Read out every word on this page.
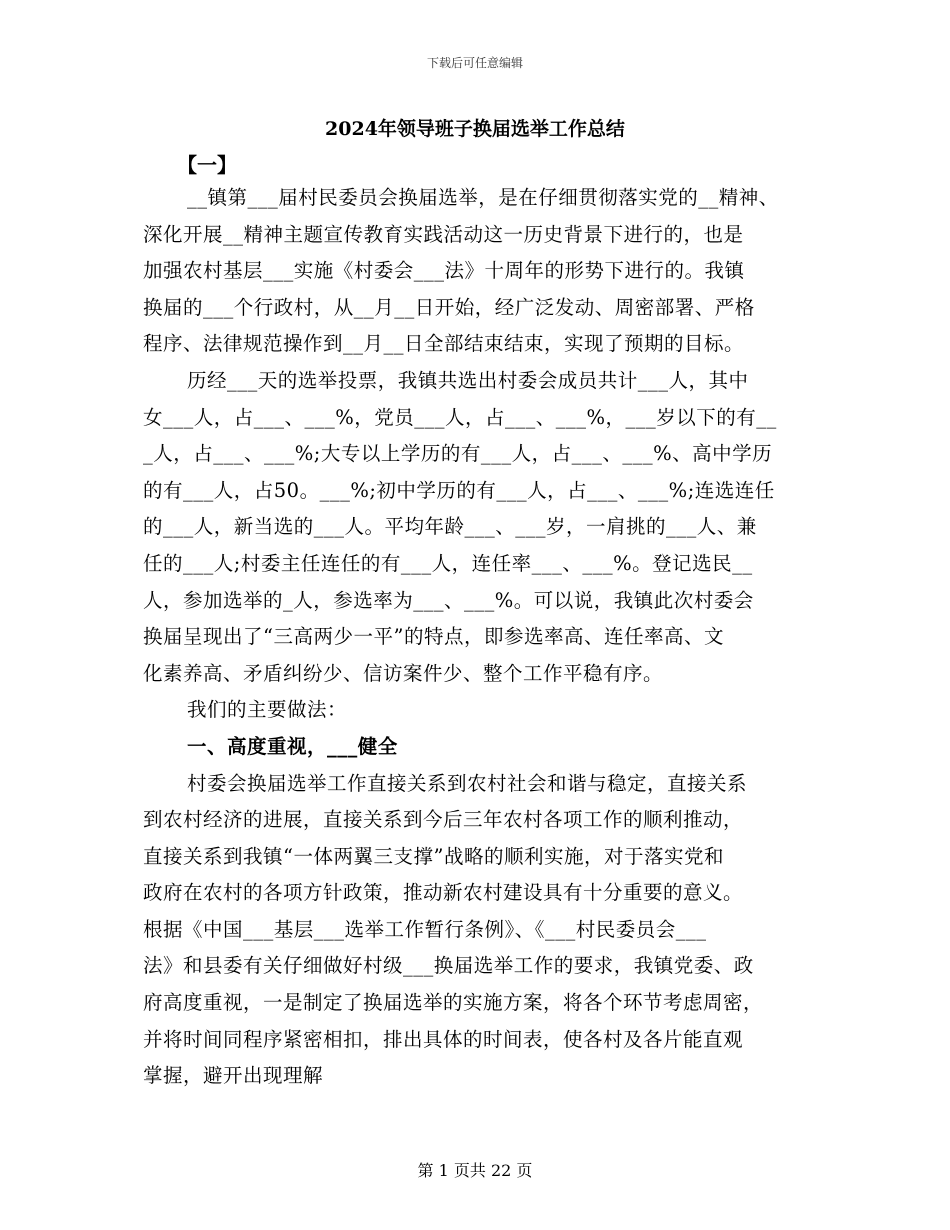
下载后可任意编辑
2024年领导班子换届选举工作总结
【一】
__镇第___届村民委员会换届选举，是在仔细贯彻落实党的__精神、
深化开展__精神主题宣传教育实践活动这一历史背景下进行的，也是
加强农村基层___实施《村委会___法》十周年的形势下进行的。我镇
换届的___个行政村，从__月__日开始，经广泛发动、周密部署、严格
程序、法律规范操作到__月__日全部结束结束，实现了预期的目标。
历经___天的选举投票，我镇共选出村委会成员共计___人，其中
女___人，占___、___%，党员___人，占___、___%，___岁以下的有__
_人，占___、___%;大专以上学历的有___人，占___、___%、高中学历
的有___人，占50。___%;初中学历的有___人，占___、___%;连选连任
的___人，新当选的___人。平均年龄___、___岁，一肩挑的___人、兼
任的___人;村委主任连任的有___人，连任率___、___%。登记选民__
人，参加选举的_人，参选率为___、___%。可以说，我镇此次村委会
换届呈现出了“三高两少一平”的特点，即参选率高、连任率高、文
化素养高、矛盾纠纷少、信访案件少、整个工作平稳有序。
我们的主要做法：
一、高度重视，___健全
村委会换届选举工作直接关系到农村社会和谐与稳定，直接关系
到农村经济的进展，直接关系到今后三年农村各项工作的顺利推动，
直接关系到我镇“一体两翼三支撑”战略的顺利实施，对于落实党和
政府在农村的各项方针政策，推动新农村建设具有十分重要的意义。
根据《中国___基层___选举工作暂行条例》、《___村民委员会___
法》和县委有关仔细做好村级___换届选举工作的要求，我镇党委、政
府高度重视，一是制定了换届选举的实施方案，将各个环节考虑周密，
并将时间同程序紧密相扣，排出具体的时间表，使各村及各片能直观
掌握，避开出现理解
第 1 页共 22 页
